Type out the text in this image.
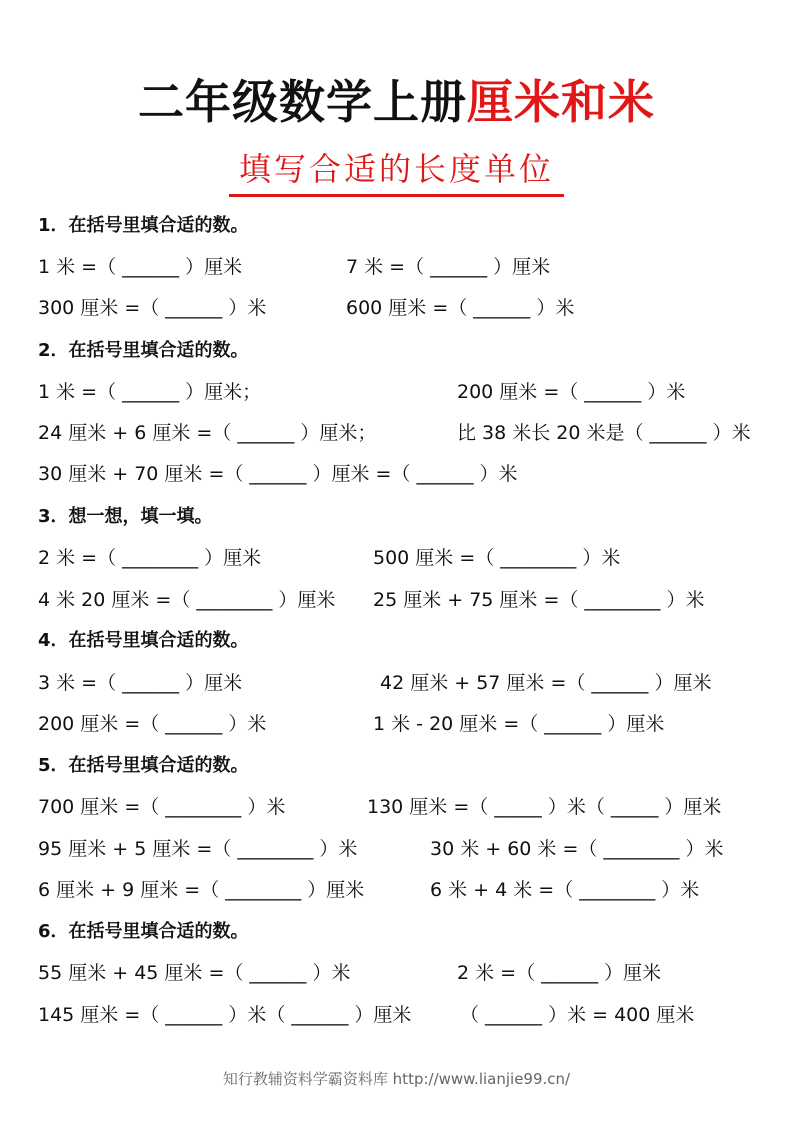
二年级数学上册厘米和米
填写合适的长度单位
1．在括号里填合适的数。
1 米 =（ ______ ）厘米	7 米 =（ ______ ）厘米
300 厘米 =（ ______ ）米	600 厘米 =（ ______ ）米
2．在括号里填合适的数。
1 米 =（ ______ ）厘米；	200 厘米 =（ ______ ）米
24 厘米 + 6 厘米 =（ ______ ）厘米；	比 38 米长 20 米是（ ______ ）米
30 厘米 + 70 厘米 =（ ______ ）厘米 =（ ______ ）米
3．想一想，填一填。
2 米 =（ ________ ）厘米	500 厘米 =（ ________ ）米
4 米 20 厘米 =（ ________ ）厘米 25 厘米 + 75 厘米 =（ ________ ）米
4．在括号里填合适的数。
3 米 =（ ______ ）厘米	42 厘米 + 57 厘米 =（ ______ ）厘米
200 厘米 =（ ______ ）米	1 米 - 20 厘米 =（ ______ ）厘米
5．在括号里填合适的数。
700 厘米 =（ ________ ）米	130 厘米 =（ _____ ）米（ _____ ）厘米
95 厘米 + 5 厘米 =（ ________ ）米	30 米 + 60 米 =（ ________ ）米
6 厘米 + 9 厘米 =（ ________ ）厘米	6 米 + 4 米 =（ ________ ）米
6．在括号里填合适的数。
55 厘米 + 45 厘米 =（ ______ ）米	2 米 =（ ______ ）厘米
145 厘米 =（ ______ ）米（ ______ ）厘米	（ ______ ）米 = 400 厘米
知行教辅资料学霸资料库 http://www.lianjie99.cn/
